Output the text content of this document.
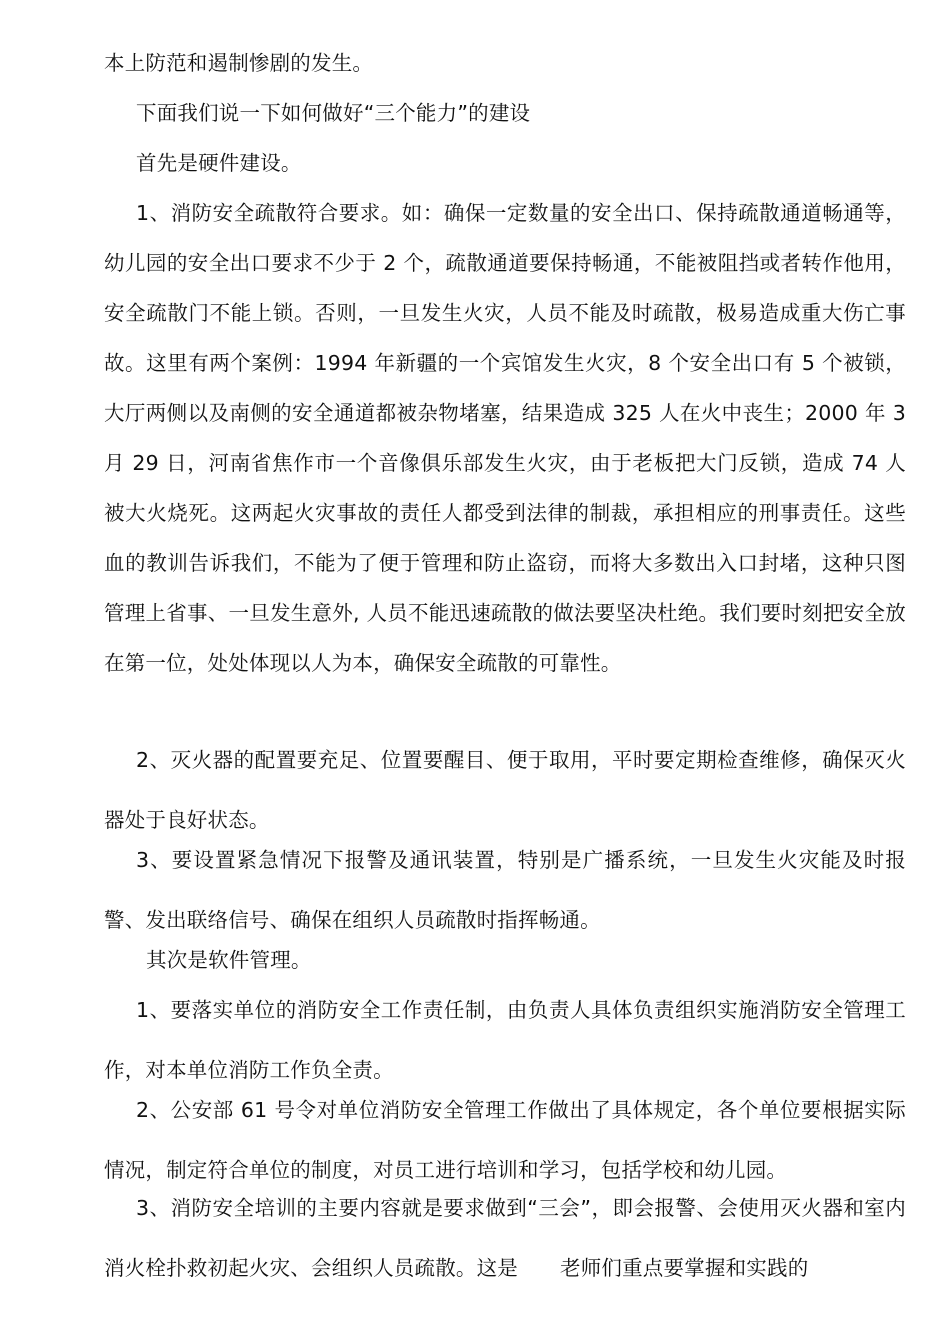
本上防范和遏制惨剧的发生。

下面我们说一下如何做好“三个能力”的建设

首先是硬件建设。

1、消防安全疏散符合要求。如：确保一定数量的安全出口、保持疏散通道畅通等，幼儿园的安全出口要求不少于 2 个，疏散通道要保持畅通，不能被阻挡或者转作他用，安全疏散门不能上锁。否则，一旦发生火灾，人员不能及时疏散，极易造成重大伤亡事故。这里有两个案例：1994 年新疆的一个宾馆发生火灾，8 个安全出口有 5 个被锁，大厅两侧以及南侧的安全通道都被杂物堵塞，结果造成 325 人在火中丧生；2000 年 3 月 29 日，河南省焦作市一个音像俱乐部发生火灾，由于老板把大门反锁，造成 74 人被大火烧死。这两起火灾事故的责任人都受到法律的制裁，承担相应的刑事责任。这些血的教训告诉我们，不能为了便于管理和防止盗窃，而将大多数出入口封堵，这种只图管理上省事、一旦发生意外, 人员不能迅速疏散的做法要坚决杜绝。我们要时刻把安全放在第一位，处处体现以人为本，确保安全疏散的可靠性。

2、灭火器的配置要充足、位置要醒目、便于取用，平时要定期检查维修，确保灭火器处于良好状态。

3、要设置紧急情况下报警及通讯装置，特别是广播系统，一旦发生火灾能及时报警、发出联络信号、确保在组织人员疏散时指挥畅通。

其次是软件管理。

1、要落实单位的消防安全工作责任制，由负责人具体负责组织实施消防安全管理工作，对本单位消防工作负全责。

2、公安部 61 号令对单位消防安全管理工作做出了具体规定，各个单位要根据实际情况，制定符合单位的制度，对员工进行培训和学习，包括学校和幼儿园。

3、消防安全培训的主要内容就是要求做到“三会”，即会报警、会使用灭火器和室内消火栓扑救初起火灾、会组织人员疏散。这是 老师们重点要掌握和实践的
